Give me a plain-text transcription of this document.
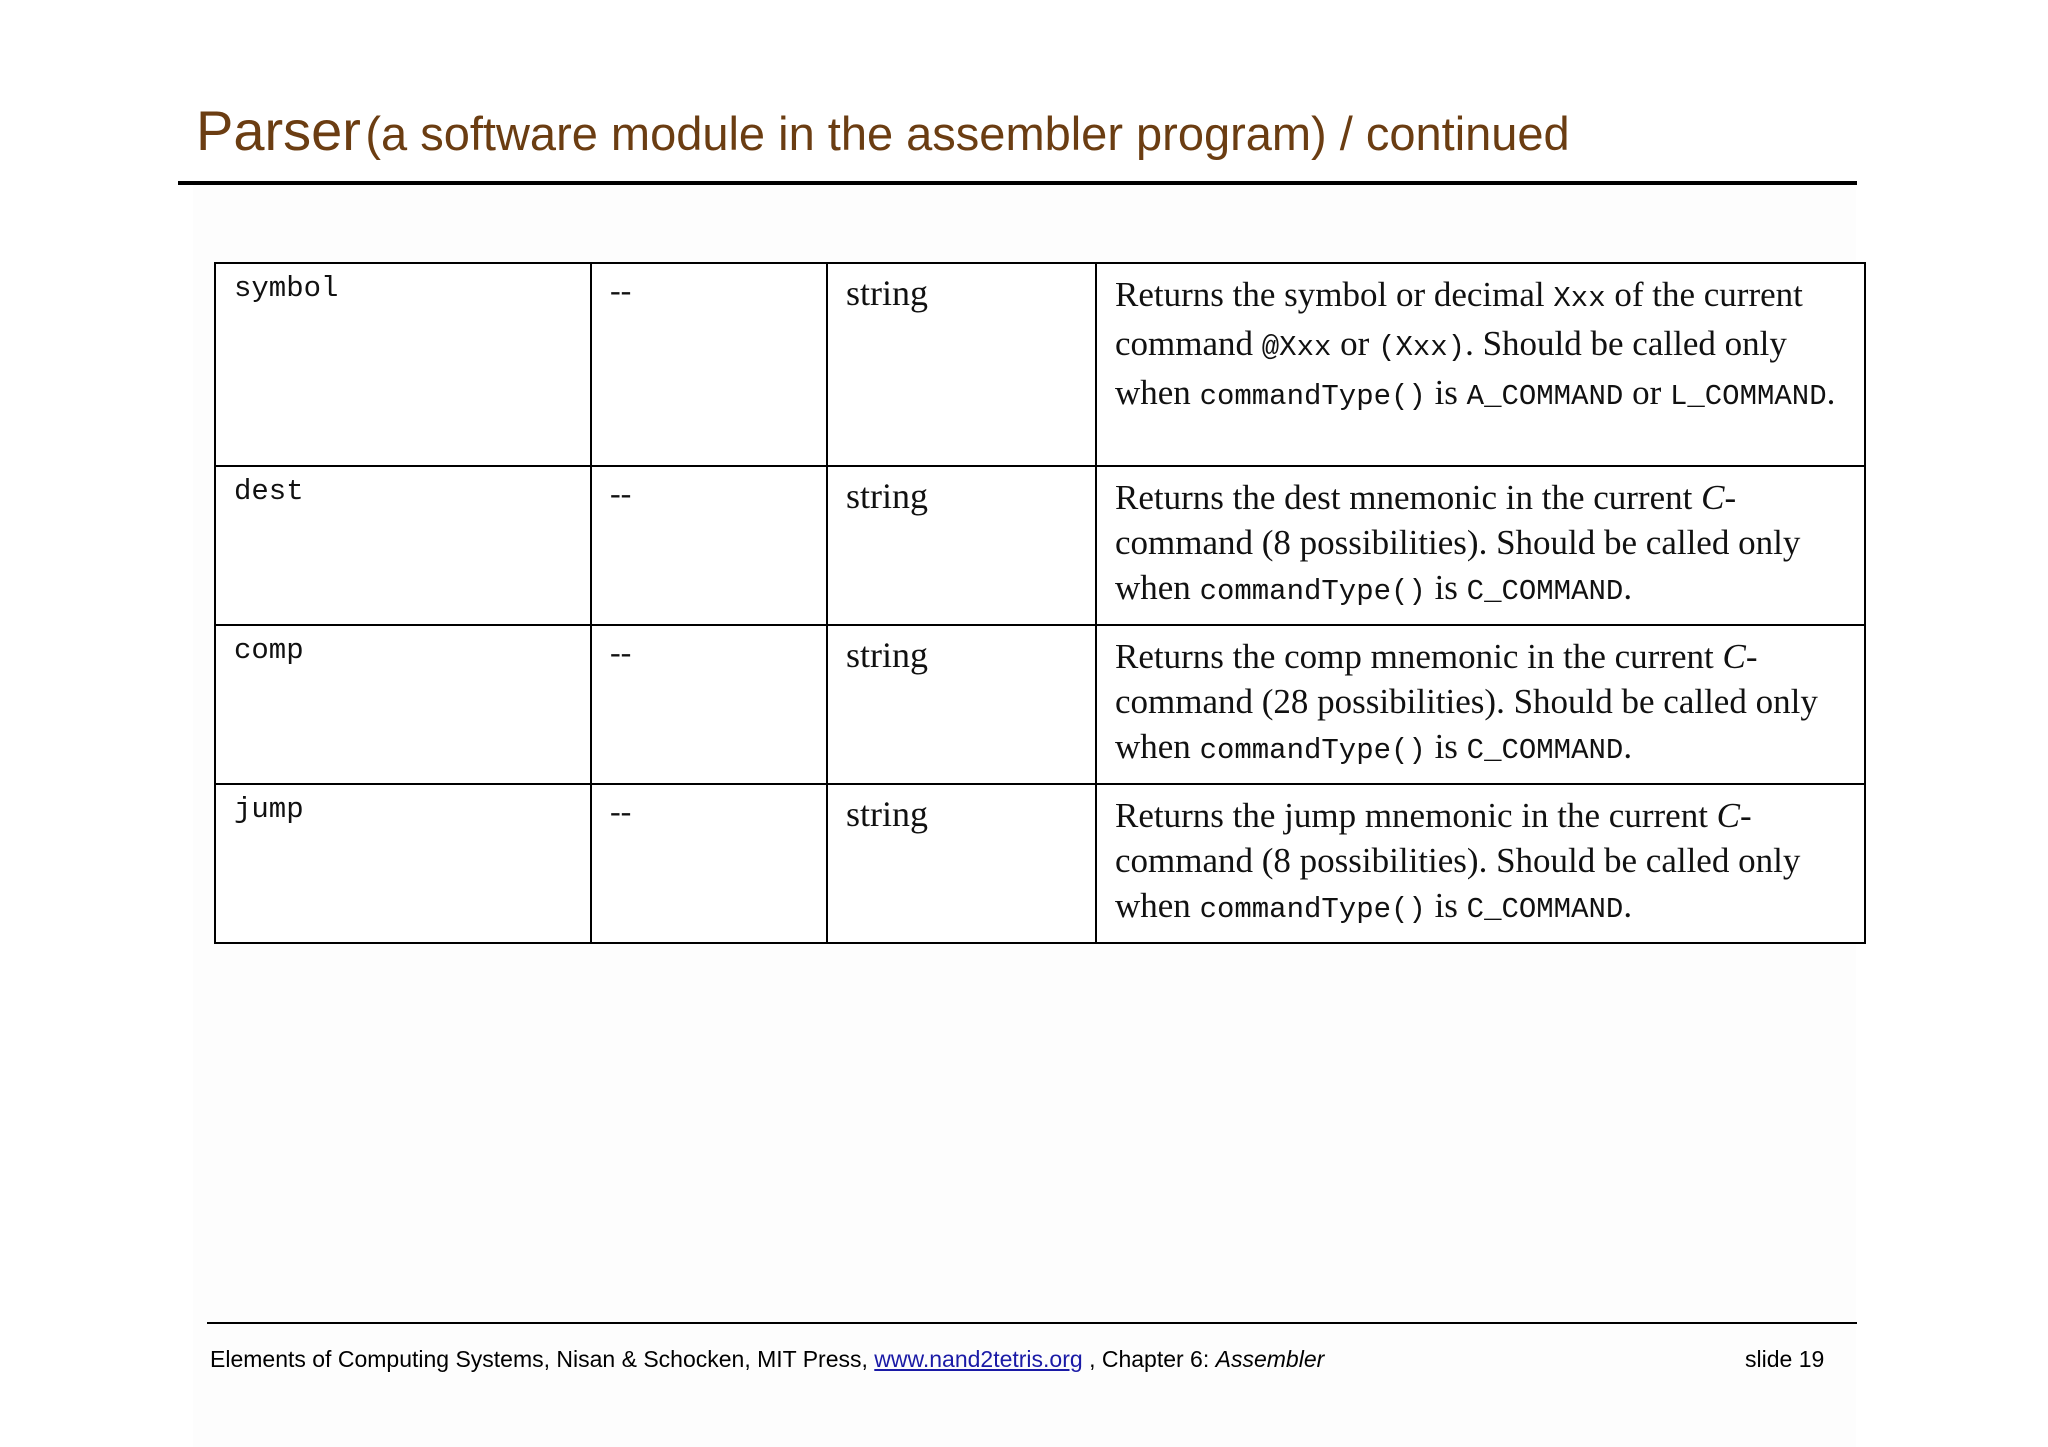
Parser (a software module in the assembler program) / continued
symbol	--	string	Returns the symbol or decimal Xxx of the current command @Xxx or (Xxx). Should be called only when commandType() is A_COMMAND or L_COMMAND.
dest	--	string	Returns the dest mnemonic in the current C-command (8 possibilities). Should be called only when commandType() is C_COMMAND.
comp	--	string	Returns the comp mnemonic in the current C-command (28 possibilities). Should be called only when commandType() is C_COMMAND.
jump	--	string	Returns the jump mnemonic in the current C-command (8 possibilities). Should be called only when commandType() is C_COMMAND.
Elements of Computing Systems, Nisan & Schocken, MIT Press, www.nand2tetris.org , Chapter 6: Assembler	slide 19
